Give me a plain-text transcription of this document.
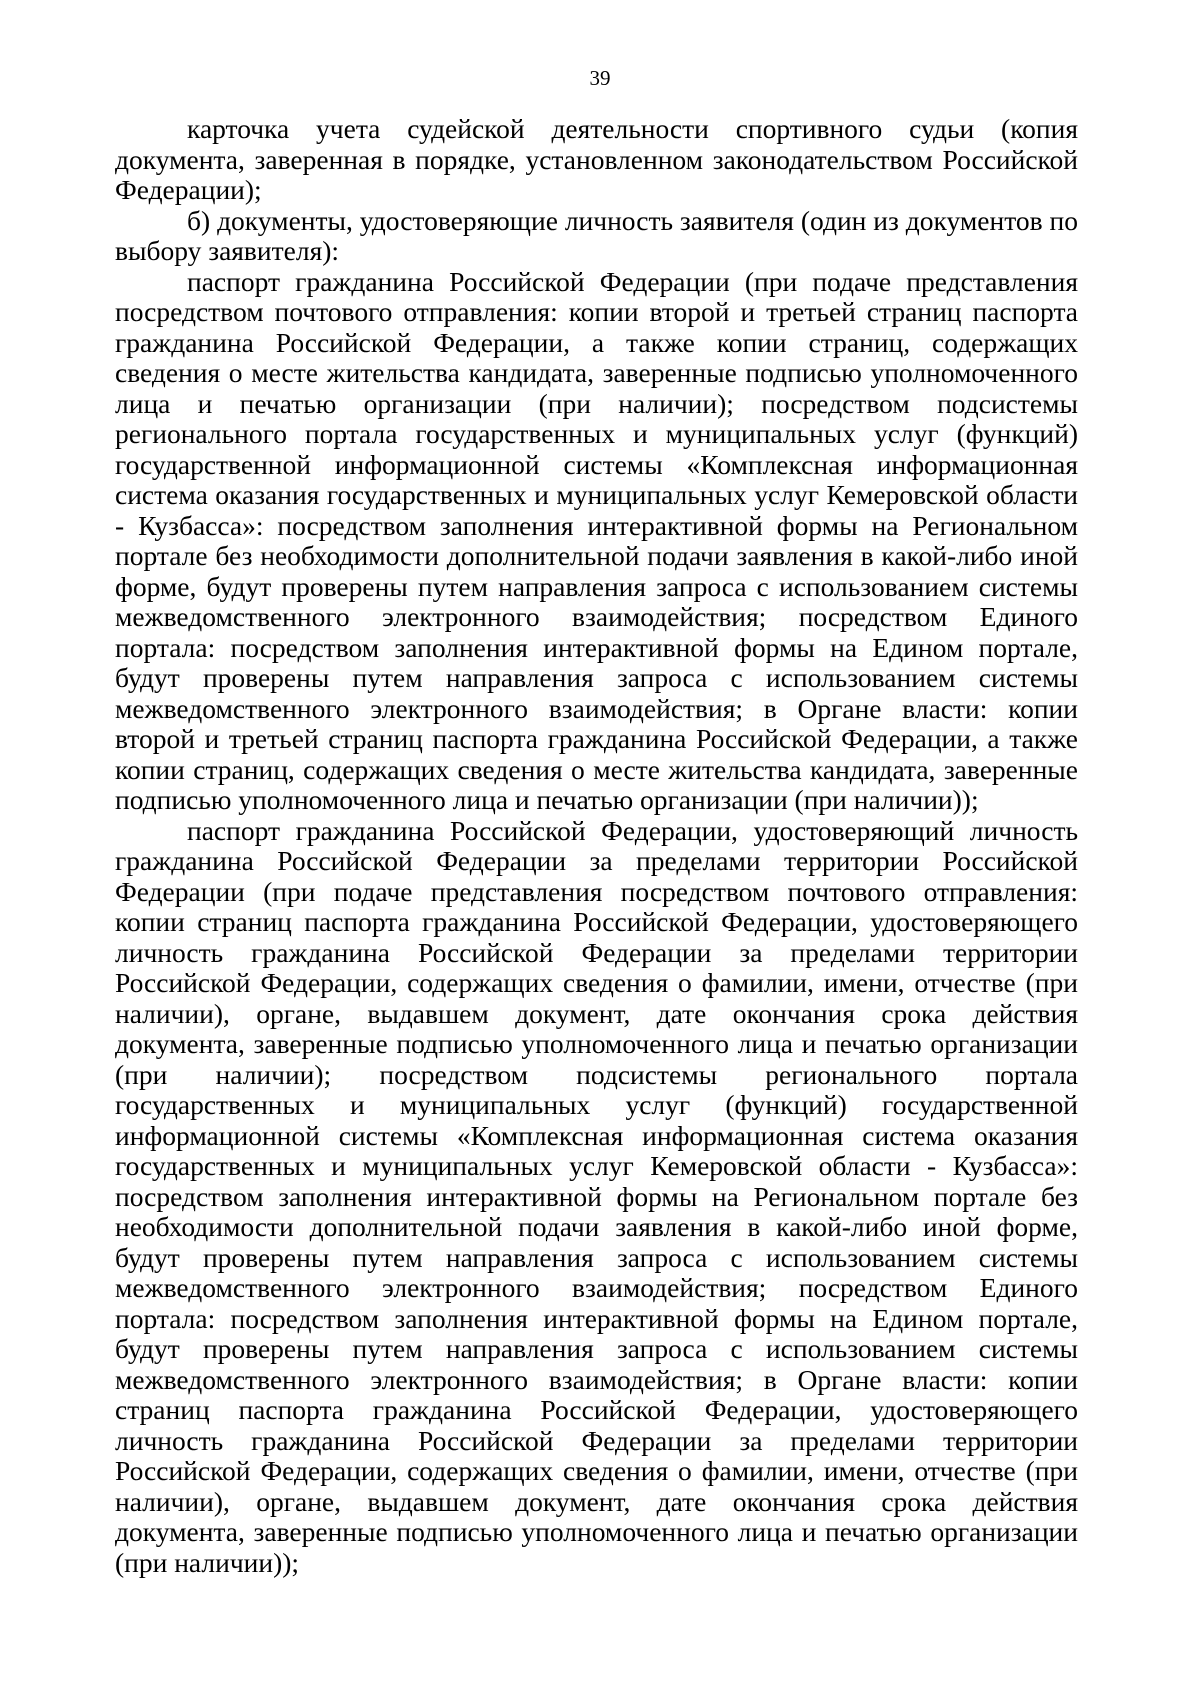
39

карточка учета судейской деятельности спортивного судьи (копия документа, заверенная в порядке, установленном законодательством Российской Федерации);

б) документы, удостоверяющие личность заявителя (один из документов по выбору заявителя):

паспорт гражданина Российской Федерации (при подаче представления посредством почтового отправления: копии второй и третьей страниц паспорта гражданина Российской Федерации, а также копии страниц, содержащих сведения о месте жительства кандидата, заверенные подписью уполномоченного лица и печатью организации (при наличии); посредством подсистемы регионального портала государственных и муниципальных услуг (функций) государственной информационной системы «Комплексная информационная система оказания государственных и муниципальных услуг Кемеровской области - Кузбасса»: посредством заполнения интерактивной формы на Региональном портале без необходимости дополнительной подачи заявления в какой-либо иной форме, будут проверены путем направления запроса с использованием системы межведомственного электронного взаимодействия; посредством Единого портала: посредством заполнения интерактивной формы на Едином портале, будут проверены путем направления запроса с использованием системы межведомственного электронного взаимодействия; в Органе власти: копии второй и третьей страниц паспорта гражданина Российской Федерации, а также копии страниц, содержащих сведения о месте жительства кандидата, заверенные подписью уполномоченного лица и печатью организации (при наличии));

паспорт гражданина Российской Федерации, удостоверяющий личность гражданина Российской Федерации за пределами территории Российской Федерации (при подаче представления посредством почтового отправления: копии страниц паспорта гражданина Российской Федерации, удостоверяющего личность гражданина Российской Федерации за пределами территории Российской Федерации, содержащих сведения о фамилии, имени, отчестве (при наличии), органе, выдавшем документ, дате окончания срока действия документа, заверенные подписью уполномоченного лица и печатью организации (при наличии); посредством подсистемы регионального портала государственных и муниципальных услуг (функций) государственной информационной системы «Комплексная информационная система оказания государственных и муниципальных услуг Кемеровской области - Кузбасса»: посредством заполнения интерактивной формы на Региональном портале без необходимости дополнительной подачи заявления в какой-либо иной форме, будут проверены путем направления запроса с использованием системы межведомственного электронного взаимодействия; посредством Единого портала: посредством заполнения интерактивной формы на Едином портале, будут проверены путем направления запроса с использованием системы межведомственного электронного взаимодействия; в Органе власти: копии страниц паспорта гражданина Российской Федерации, удостоверяющего личность гражданина Российской Федерации за пределами территории Российской Федерации, содержащих сведения о фамилии, имени, отчестве (при наличии), органе, выдавшем документ, дате окончания срока действия документа, заверенные подписью уполномоченного лица и печатью организации (при наличии));
